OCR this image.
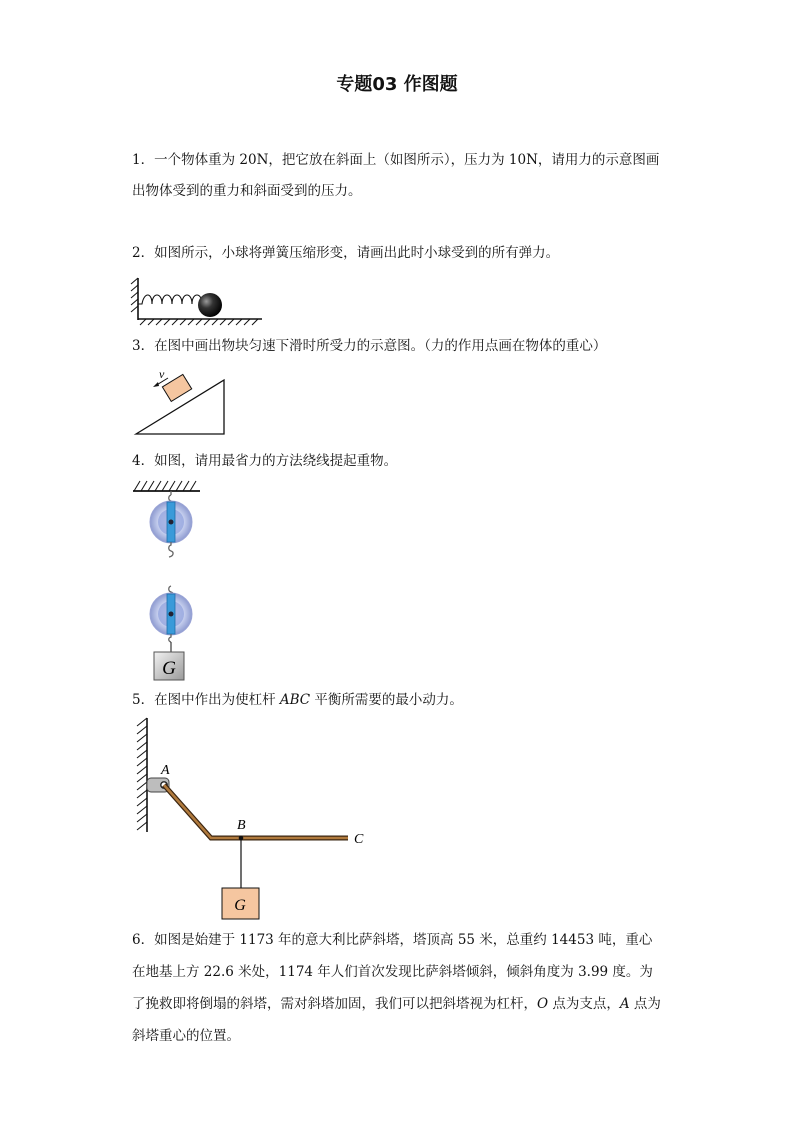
专题03 作图题
1．一个物体重为 20N，把它放在斜面上（如图所示），压力为 10N，请用力的示意图画出物体受到的重力和斜面受到的压力。
2．如图所示，小球将弹簧压缩形变，请画出此时小球受到的所有弹力。
3．在图中画出物块匀速下滑时所受力的示意图。（力的作用点画在物体的重心）
v
4．如图，请用最省力的方法绕线提起重物。
G
5．在图中作出为使杠杆 ABC 平衡所需要的最小动力。
G
A
B
C
6．如图是始建于 1173 年的意大利比萨斜塔，塔顶高 55 米，总重约 14453 吨，重心在地基上方 22.6 米处，1174 年人们首次发现比萨斜塔倾斜，倾斜角度为 3.99 度。为了挽救即将倒塌的斜塔，需对斜塔加固，我们可以把斜塔视为杠杆，O 点为支点，A 点为斜塔重心的位置。
